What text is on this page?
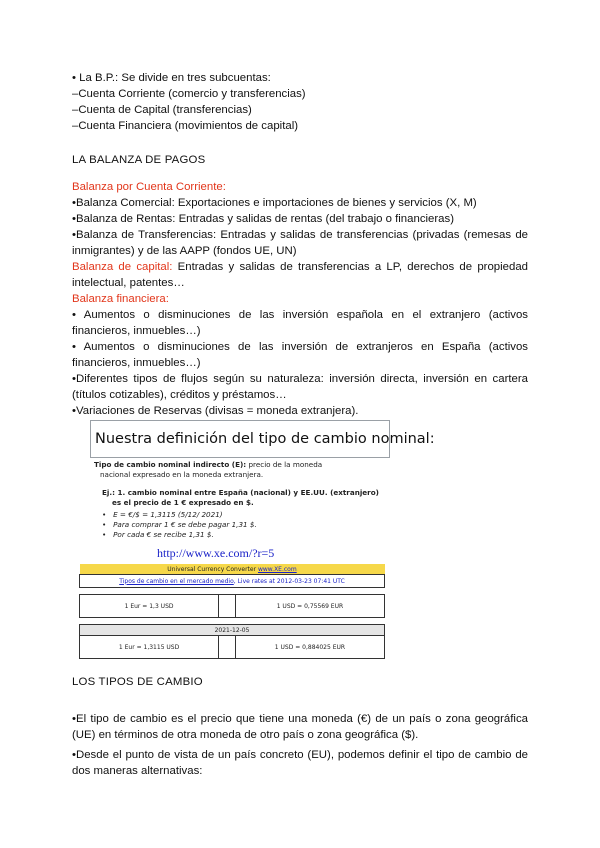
• La B.P.: Se divide en tres subcuentas:
–Cuenta Corriente (comercio y transferencias)
–Cuenta de Capital (transferencias)
–Cuenta Financiera (movimientos de capital)
LA BALANZA DE PAGOS
Balanza por Cuenta Corriente:
•Balanza Comercial: Exportaciones e importaciones de bienes y servicios (X, M)
•Balanza de Rentas: Entradas y salidas de rentas (del trabajo o financieras)
•Balanza de Transferencias: Entradas y salidas de transferencias (privadas (remesas de inmigrantes) y de las AAPP (fondos UE, UN)
Balanza de capital: Entradas y salidas de transferencias a LP, derechos de propiedad intelectual, patentes…
Balanza financiera:
• Aumentos o disminuciones de las inversión española en el extranjero (activos financieros, inmuebles…)
• Aumentos o disminuciones de las inversión de extranjeros en España (activos financieros, inmuebles…)
•Diferentes tipos de flujos según su naturaleza: inversión directa, inversión en cartera (títulos cotizables), créditos y préstamos…
•Variaciones de Reservas (divisas = moneda extranjera).
Nuestra definición del tipo de cambio nominal:
Tipo de cambio nominal indirecto (E): precio de la moneda
nacional expresado en la moneda extranjera.
Ej.: 1. cambio nominal entre España (nacional) y EE.UU. (extranjero)
es el precio de 1 € expresado en $.
•   E = €/$ = 1,3115 (5/12/ 2021)
•   Para comprar 1 € se debe pagar 1,31 $.
•   Por cada € se recibe 1,31 $.
http://www.xe.com/?r=5
Universal Currency Converter www.XE.com		
Tipos de cambio en el mercado medio, Live rates at 2012-03-23 07:41 UTC		

1 Eur = 1,3 USD		1 USD = 0,75569 EUR

2021-12-05		
1 Eur = 1,3115 USD		1 USD = 0,884025 EUR
LOS TIPOS DE CAMBIO
•El tipo de cambio es el precio que tiene una moneda (€) de un país o zona geográfica (UE) en términos de otra moneda de otro país o zona geográfica ($).
•Desde el punto de vista de un país concreto (EU), podemos definir el tipo de cambio de dos maneras alternativas:
